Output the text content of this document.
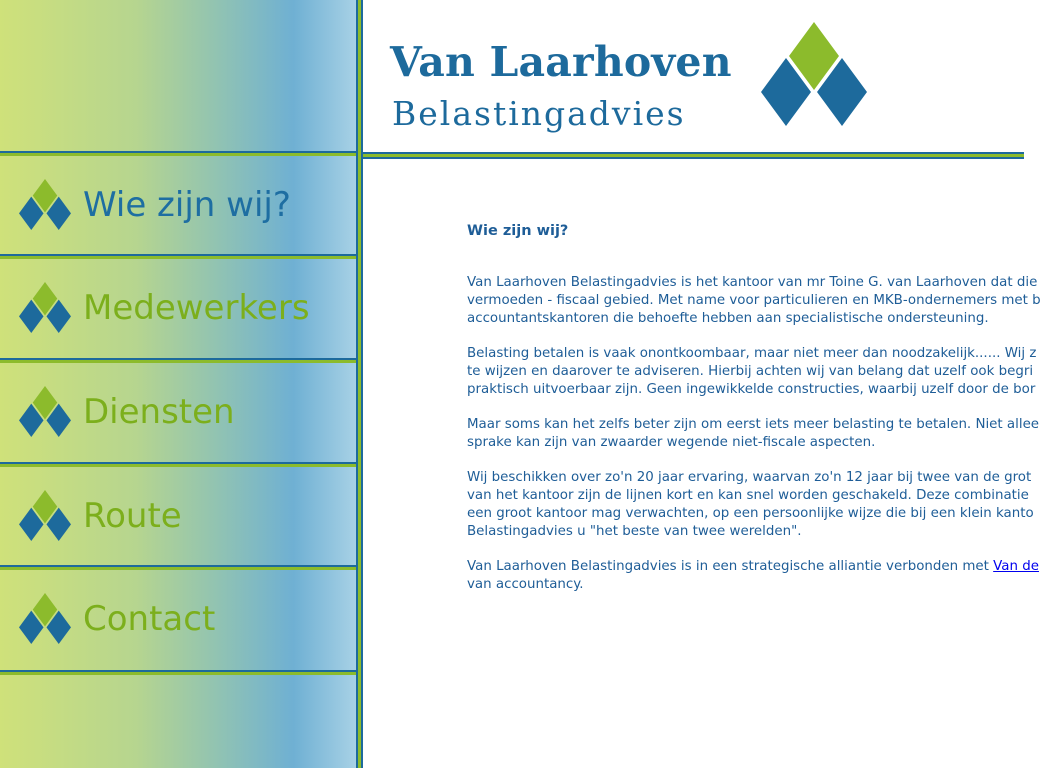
Wie zijn wij?
Medewerkers
Diensten
Route
Contact
Van Laarhoven
Belastingadvies
Wie zijn wij?
Van Laarhoven Belastingadvies is het kantoor van mr Toine G. van Laarhoven dat die
vermoeden - fiscaal gebied. Met name voor particulieren en MKB-ondernemers met b
accountantskantoren die behoefte hebben aan specialistische ondersteuning.
Belasting betalen is vaak onontkoombaar, maar niet meer dan noodzakelijk...... Wij z
te wijzen en daarover te adviseren. Hierbij achten wij van belang dat uzelf ook begri
praktisch uitvoerbaar zijn. Geen ingewikkelde constructies, waarbij uzelf door de bor
Maar soms kan het zelfs beter zijn om eerst iets meer belasting te betalen. Niet allee
sprake kan zijn van zwaarder wegende niet-fiscale aspecten.
Wij beschikken over zo'n 20 jaar ervaring, waarvan zo'n 12 jaar bij twee van de grot
van het kantoor zijn de lijnen kort en kan snel worden geschakeld. Deze combinatie
een groot kantoor mag verwachten, op een persoonlijke wijze die bij een klein kanto
Belastingadvies u "het beste van twee werelden".
Van Laarhoven Belastingadvies is in een strategische alliantie verbonden met Van de
van accountancy.
